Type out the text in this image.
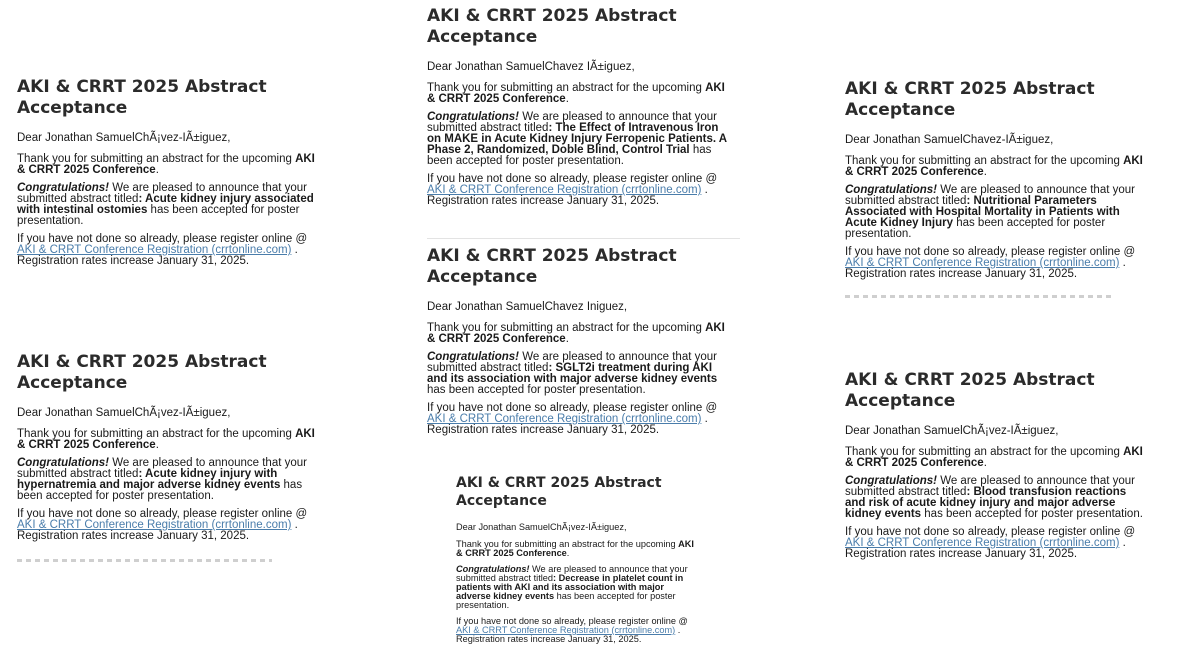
AKI & CRRT 2025 Abstract Acceptance

Dear Jonathan SamuelChÃ¡vez-IÃ±iguez,

Thank you for submitting an abstract for the upcoming AKI & CRRT 2025 Conference.

Congratulations! We are pleased to announce that your submitted abstract titled: Acute kidney injury associated with intestinal ostomies has been accepted for poster presentation.

If you have not done so already, please register online @ AKI & CRRT Conference Registration (crrtonline.com) . Registration rates increase January 31, 2025.

AKI & CRRT 2025 Abstract Acceptance

Dear Jonathan SamuelChavez IÃ±iguez,

Thank you for submitting an abstract for the upcoming AKI & CRRT 2025 Conference.

Congratulations! We are pleased to announce that your submitted abstract titled: The Effect of Intravenous Iron on MAKE in Acute Kidney Injury Ferropenic Patients. A Phase 2, Randomized, Doble Blind, Control Trial has been accepted for poster presentation.

If you have not done so already, please register online @ AKI & CRRT Conference Registration (crrtonline.com) . Registration rates increase January 31, 2025.

AKI & CRRT 2025 Abstract Acceptance

Dear Jonathan SamuelChavez-IÃ±iguez,

Thank you for submitting an abstract for the upcoming AKI & CRRT 2025 Conference.

Congratulations! We are pleased to announce that your submitted abstract titled: Nutritional Parameters Associated with Hospital Mortality in Patients with Acute Kidney Injury has been accepted for poster presentation.

If you have not done so already, please register online @ AKI & CRRT Conference Registration (crrtonline.com) . Registration rates increase January 31, 2025.

AKI & CRRT 2025 Abstract Acceptance

Dear Jonathan SamuelChavez Iniguez,

Thank you for submitting an abstract for the upcoming AKI & CRRT 2025 Conference.

Congratulations! We are pleased to announce that your submitted abstract titled: SGLT2i treatment during AKI and its association with major adverse kidney events has been accepted for poster presentation.

If you have not done so already, please register online @ AKI & CRRT Conference Registration (crrtonline.com) . Registration rates increase January 31, 2025.

AKI & CRRT 2025 Abstract Acceptance

Dear Jonathan SamuelChÃ¡vez-IÃ±iguez,

Thank you for submitting an abstract for the upcoming AKI & CRRT 2025 Conference.

Congratulations! We are pleased to announce that your submitted abstract titled: Acute kidney injury with hypernatremia and major adverse kidney events has been accepted for poster presentation.

If you have not done so already, please register online @ AKI & CRRT Conference Registration (crrtonline.com) . Registration rates increase January 31, 2025.

AKI & CRRT 2025 Abstract Acceptance

Dear Jonathan SamuelChÃ¡vez-IÃ±iguez,

Thank you for submitting an abstract for the upcoming AKI & CRRT 2025 Conference.

Congratulations! We are pleased to announce that your submitted abstract titled: Decrease in platelet count in patients with AKI and its association with major adverse kidney events has been accepted for poster presentation.

If you have not done so already, please register online @ AKI & CRRT Conference Registration (crrtonline.com) . Registration rates increase January 31, 2025.

AKI & CRRT 2025 Abstract Acceptance

Dear Jonathan SamuelChÃ¡vez-IÃ±iguez,

Thank you for submitting an abstract for the upcoming AKI & CRRT 2025 Conference.

Congratulations! We are pleased to announce that your submitted abstract titled: Blood transfusion reactions and risk of acute kidney injury and major adverse kidney events has been accepted for poster presentation.

If you have not done so already, please register online @ AKI & CRRT Conference Registration (crrtonline.com) . Registration rates increase January 31, 2025.
